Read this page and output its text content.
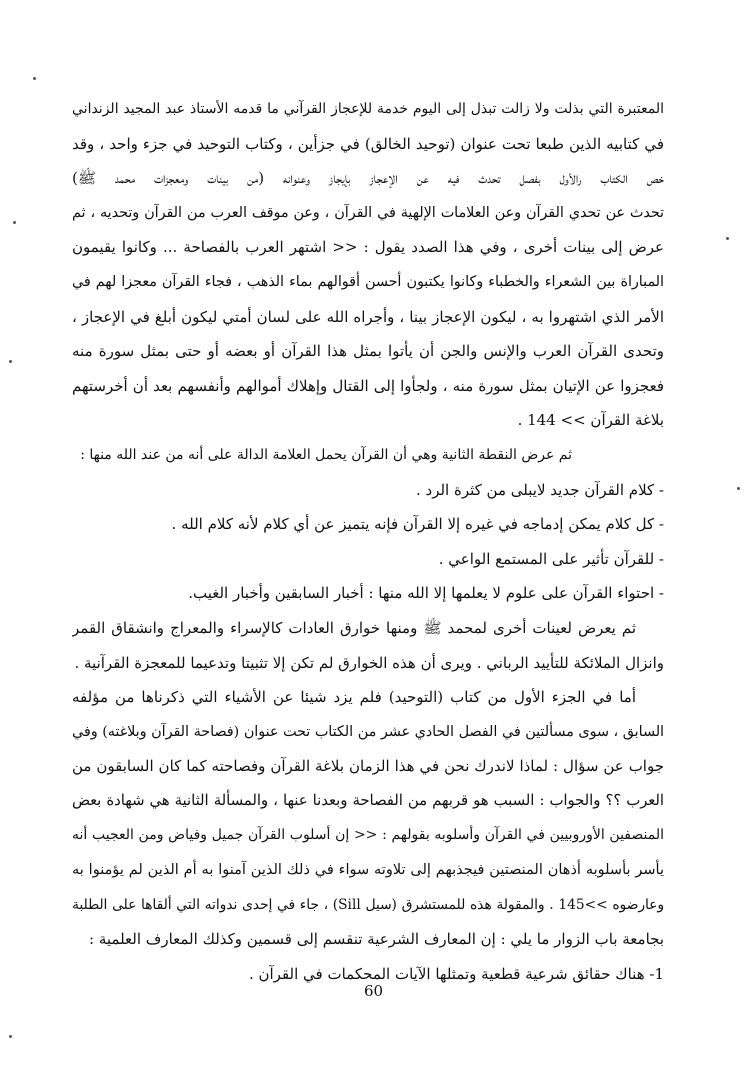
المعتبرة التي بذلت ولا زالت تبذل إلى اليوم خدمة للإعجاز القرآني ما قدمه الأستاذ عبد المجيد الزنداني
في كتابيه الذين طبعا تحت عنوان (توحيد الخالق) في جزأين ، وكتاب التوحيد في جزء واحد ، وقد
خص الكتاب رالأول بفصل تحدث فيه عن الإعجاز بإيجاز وعنوانه (من بينات ومعجزات محمد ﷺ)
تحدث عن تحدي القرآن وعن العلامات الإلهية في القرآن ، وعن موقف العرب من القرآن وتحديه ، ثم
عرض إلى بينات أخرى ، وفي هذا الصدد يقول : << اشتهر العرب بالفصاحة ... وكانوا يقيمون
المباراة بين الشعراء والخطباء وكانوا يكتبون أحسن أقوالهم بماء الذهب ، فجاء القرآن معجزا لهم في
الأمر الذي اشتهروا به ، ليكون الإعجاز بينا ، وأجراه الله على لسان أمتي ليكون أبلغ في الإعجاز ،
وتحدى القرآن العرب والإنس والجن أن يأتوا بمثل هذا القرآن أو بعضه أو حتى بمثل سورة منه
فعجزوا عن الإتيان بمثل سورة منه ، ولجأوا إلى القتال وإهلاك أموالهم وأنفسهم بعد أن أخرستهم
بلاغة القرآن >> 144 .
ثم عرض النقطة الثانية وهي أن القرآن يحمل العلامة الدالة على أنه من عند الله منها :
- كلام القرآن جديد لايبلى من كثرة الرد .
- كل كلام يمكن إدماجه في غيره إلا القرآن فإنه يتميز عن أي كلام لأنه كلام الله .
- للقرآن تأثير على المستمع الواعي .
- احتواء القرآن على علوم لا يعلمها إلا الله منها : أخبار السابقين وأخبار الغيب.
ثم يعرض لعينات أخرى لمحمد ﷺ ومنها خوارق العادات كالإسراء والمعراج وانشقاق القمر
وانزال الملائكة للتأييد الرباني . ويرى أن هذه الخوارق لم تكن إلا تثبيتا وتدعيما للمعجزة القرآنية .
أما في الجزء الأول من كتاب (التوحيد) فلم يزد شيئا عن الأشياء التي ذكرناها من مؤلفه
السابق ، سوى مسألتين في الفصل الحادي عشر من الكتاب تحت عنوان (فصاحة القرآن وبلاغته) وفي
جواب عن سؤال : لماذا لاندرك نحن في هذا الزمان بلاغة القرآن وفصاحته كما كان السابقون من
العرب ؟؟ والجواب : السبب هو قربهم من الفصاحة وبعدنا عنها ، والمسألة الثانية هي شهادة بعض
المنصفين الأوروبيين في القرآن وأسلوبه بقولهم : << إن أسلوب القرآن جميل وفياض ومن العجيب أنه
يأسر بأسلوبه أذهان المنصتين فيجذبهم إلى تلاوته سواء في ذلك الذين آمنوا به أم الذين لم يؤمنوا به
وعارضوه >>145 . والمقولة هذه للمستشرق (سيل Sill) ، جاء في إحدى ندواته التي ألقاها على الطلبة
بجامعة باب الزوار ما يلي : إن المعارف الشرعية تنقسم إلى قسمين وكذلك المعارف العلمية :
1- هناك حقائق شرعية قطعية وتمثلها الآيات المحكمات في القرآن .
60
